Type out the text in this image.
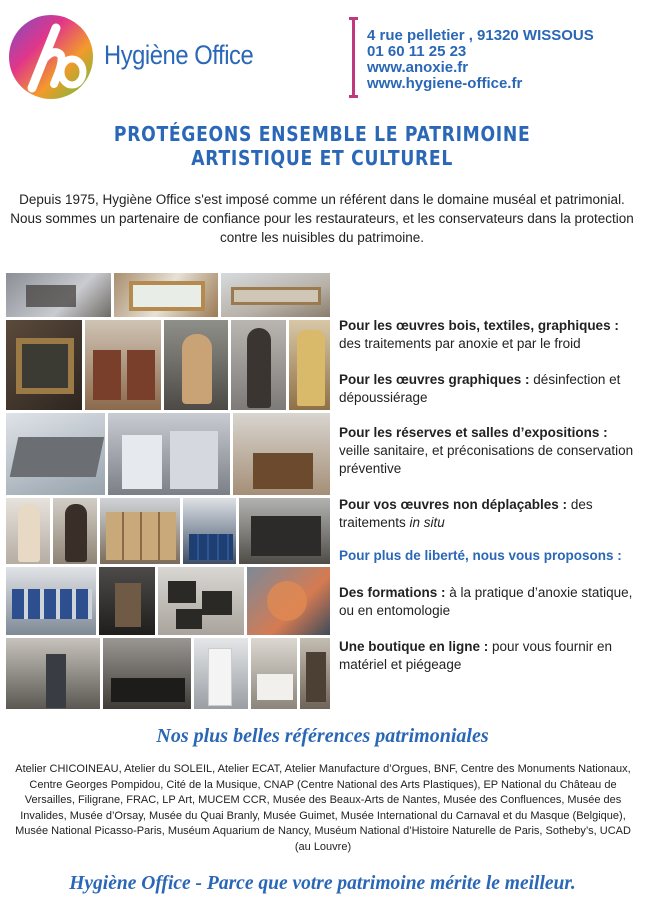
Hygiène Office
4 rue pelletier , 91320 WISSOUS
01 60 11 25 23
www.anoxie.fr
www.hygiene-office.fr
PROTÉGEONS ENSEMBLE LE PATRIMOINE
ARTISTIQUE ET CULTUREL
Depuis 1975, Hygiène Office s'est imposé comme un référent dans le domaine muséal et patrimonial. Nous sommes un partenaire de confiance pour les restaurateurs, et les conservateurs dans la protection contre les nuisibles du patrimoine.
Pour les œuvres bois, textiles, graphiques : des traitements par anoxie et par le froid
Pour les œuvres graphiques : désinfection et dépoussiérage
Pour les réserves et salles d’expositions : veille sanitaire, et préconisations de conservation préventive
Pour vos œuvres non déplaçables : des traitements in situ
Pour plus de liberté, nous vous proposons :
Des formations : à la pratique d’anoxie statique, ou en entomologie
Une boutique en ligne : pour vous fournir en matériel et piégeage
Nos plus belles références patrimoniales
Atelier CHICOINEAU, Atelier du SOLEIL, Atelier ECAT, Atelier Manufacture d’Orgues, BNF, Centre des Monuments Nationaux, Centre Georges Pompidou, Cité de la Musique, CNAP (Centre National des Arts Plastiques), EP National du Château de Versailles, Filigrane, FRAC, LP Art, MUCEM CCR, Musée des Beaux-Arts de Nantes, Musée des Confluences, Musée des Invalides, Musée d’Orsay, Musée du Quai Branly, Musée Guimet, Musée International du Carnaval et du Masque (Belgique), Musée National Picasso-Paris, Muséum Aquarium de Nancy, Muséum National d’Histoire Naturelle de Paris, Sotheby’s, UCAD (au Louvre)
Hygiène Office - Parce que votre patrimoine mérite le meilleur.
